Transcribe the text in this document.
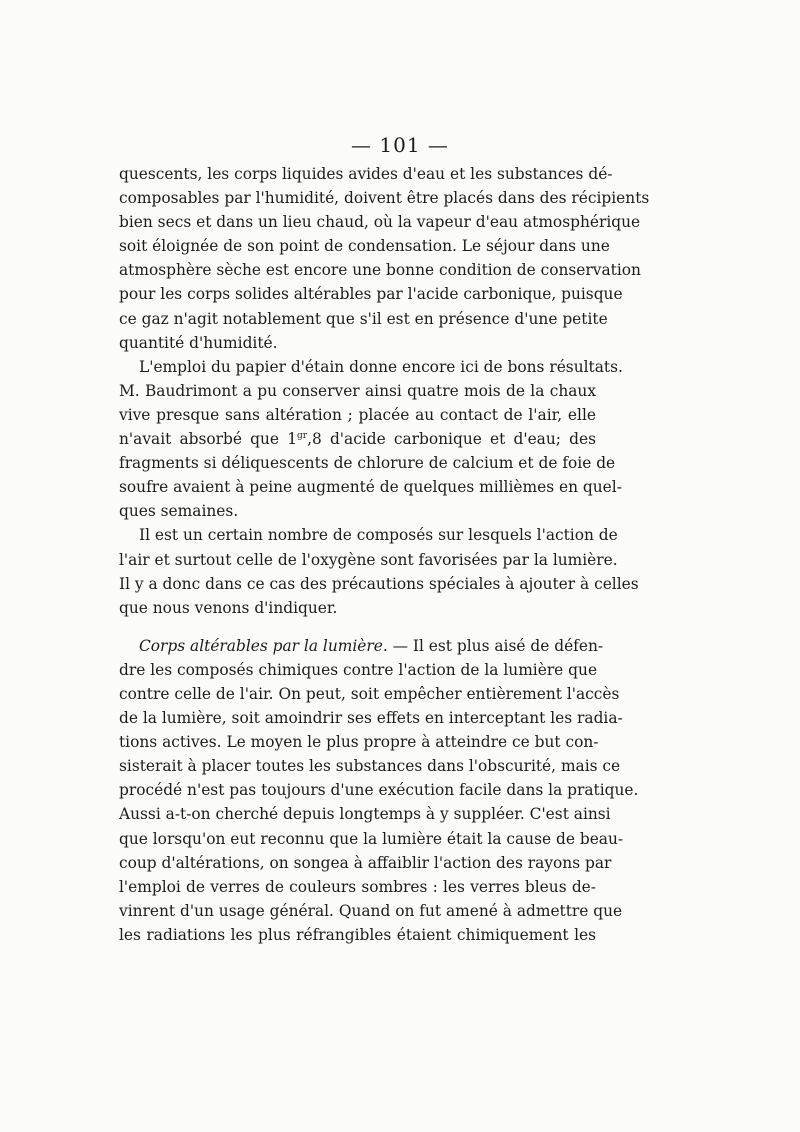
— 101 —
quescents, les corps liquides avides d'eau et les substances dé-
composables par l'humidité, doivent être placés dans des récipients
bien secs et dans un lieu chaud, où la vapeur d'eau atmosphérique
soit éloignée de son point de condensation. Le séjour dans une
atmosphère sèche est encore une bonne condition de conservation
pour les corps solides altérables par l'acide carbonique, puisque
ce gaz n'agit notablement que s'il est en présence d'une petite
quantité d'humidité.
L'emploi du papier d'étain donne encore ici de bons résultats.
M. Baudrimont a pu conserver ainsi quatre mois de la chaux
vive presque sans altération ; placée au contact de l'air, elle
n'avait absorbé que $1^{gr},8$ d'acide carbonique et d'eau; des
fragments si déliquescents de chlorure de calcium et de foie de
soufre avaient à peine augmenté de quelques millièmes en quel-
ques semaines.
Il est un certain nombre de composés sur lesquels l'action de
l'air et surtout celle de l'oxygène sont favorisées par la lumière.
Il y a donc dans ce cas des précautions spéciales à ajouter à celles
que nous venons d'indiquer.
Corps altérables par la lumière. — Il est plus aisé de défen-
dre les composés chimiques contre l'action de la lumière que
contre celle de l'air. On peut, soit empêcher entièrement l'accès
de la lumière, soit amoindrir ses effets en interceptant les radia-
tions actives. Le moyen le plus propre à atteindre ce but con-
sisterait à placer toutes les substances dans l'obscurité, mais ce
procédé n'est pas toujours d'une exécution facile dans la pratique.
Aussi a-t-on cherché depuis longtemps à y suppléer. C'est ainsi
que lorsqu'on eut reconnu que la lumière était la cause de beau-
coup d'altérations, on songea à affaiblir l'action des rayons par
l'emploi de verres de couleurs sombres : les verres bleus de-
vinrent d'un usage général. Quand on fut amené à admettre que
les radiations les plus réfrangibles étaient chimiquement les
